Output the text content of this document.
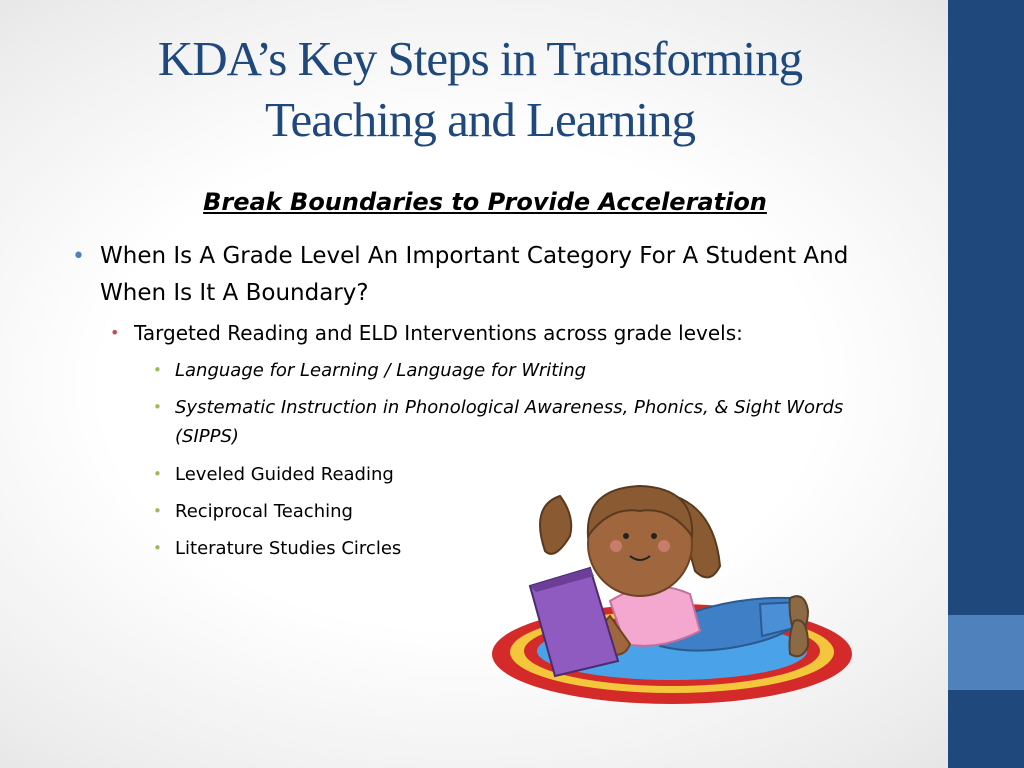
KDA’s Key Steps in Transforming
Teaching and Learning
Break Boundaries to Provide Acceleration
• When Is A Grade Level An Important Category For A Student And When Is It A Boundary?
• Targeted Reading and ELD Interventions across grade levels:
• Language for Learning / Language for Writing
• Systematic Instruction in Phonological Awareness, Phonics, & Sight Words (SIPPS)
• Leveled Guided Reading
• Reciprocal Teaching
• Literature Studies Circles
